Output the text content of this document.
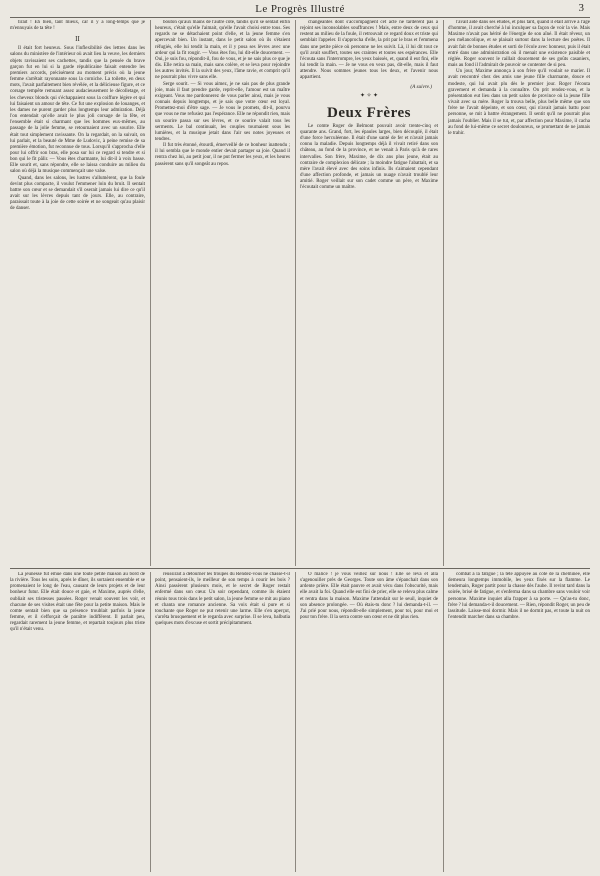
Le Progrès Illustré	3

tirait ! Eh bien, tant mieux, car il y a long-temps que je m'ennuyais de ta tête !

II

Il était fort heureux. Sous l'inflexibilité des lettres dans les salons du ministère de l'intérieur où avait lieu la veuve, les derniers objets ravissaient ses cachettes, tandis que la pensée du brave garçon fut en lui si la garde républicaine faisait entendre les premiers accords, précisément au moment précis où la jeune femme s'arrêtait rayonnante sous la corniche. La toilette, en deux mots, l'avait parfaitement bien révélée, et la délicieuse figure, et ce corsage tempête remuant assez audacieusement le décolletage, et les cheveux blonds qui s'échappaient sous la coiffure légère et qui lui faisaient un amour de tête. Ce fut une explosion de louanges, et les dames ne purent garder plus longtemps leur admiration. Déjà l'on entendait qu'elle avait le plus joli corsage de la fête, et l'ensemble était si charmant que les hommes eux-mêmes, au passage de la jolie femme, se retournaient avec un sourire. Elle était tout simplement ravissante. On la regardait, on la suivait, on lui parlait, et la beauté de Mme de Ludovic, à peine remise de sa première émotion, fut reconnue de tous. Lorsqu'il s'approcha d'elle pour lui offrir son bras, elle posa sur lui ce regard si tendre et si bon qui le fit pâlir. — Vous êtes charmante, lui dit-il à voix basse. Elle sourit et, sans répondre, elle se laissa conduire au milieu du salon où déjà la musique commençait une valse.

Quand, dans les salons, les lustres s'allumèrent, que la foule devint plus compacte, il voulut l'emmener loin du bruit. Il sentait battre son cœur et se demandait s'il oserait jamais lui dire ce qu'il avait sur les lèvres depuis tant de jours. Elle, au contraire, paraissait toute à la joie de cette soirée et ne songeait qu'au plaisir de danser.

bouton qu'aux mains de l'autre côté, tandis qu'il se sentait enfin heureux, c'était qu'elle l'aimait, qu'elle l'avait choisi entre tous. Ses regards ne se détachaient point d'elle, et la jeune femme s'en apercevait bien. Un instant, dans le petit salon où ils s'étaient réfugiés, elle lui tendit la main, et il y posa ses lèvres avec une ardeur qui la fit rougir. — Vous êtes fou, lui dit-elle doucement. — Oui, je suis fou, répondit-il, fou de vous, et je ne sais plus ce que je dis. Elle retira sa main, mais sans colère, et se leva pour rejoindre les autres invités. Il la suivit des yeux, l'âme ravie, et comprit qu'il ne pourrait plus vivre sans elle.

Serge sourit. — Si vous aimez, je ne sais pas de plus grande joie, mais il faut prendre garde, reprit-elle, l'amour est un maître exigeant. Vous me pardonnerez de vous parler ainsi, mais je vous connais depuis longtemps, et je sais que votre cœur est loyal. Promettez-moi d'être sage. — Je vous le promets, dit-il, pourvu que vous ne me refusiez pas l'espérance. Elle ne répondit rien, mais un sourire passa sur ses lèvres, et ce sourire valait tous les serments. Le bal continuait, les couples tournaient sous les lumières, et la musique jetait dans l'air ses notes joyeuses et tendres.

Il fut très étonné, étourdi, émerveillé de ce bonheur inattendu ; il lui sembla que le monde entier devait partager sa joie. Quand il rentra chez lui, au petit jour, il ne put fermer les yeux, et les heures passèrent sans qu'il songeât au repos.

changeantes dont s'accompagnent cet acte ne tardèrent pas à rejoint ses inconsolables souffrances ! Mais, entre deux de ceux qui restent au milieu de la foule, il retrouvait ce regard doux et triste qui semblait l'appeler. Il s'approcha d'elle, la prit par le bras et l'emmena dans une petite pièce où personne ne les suivit. Là, il lui dit tout ce qu'il avait souffert, toutes ses craintes et toutes ses espérances. Elle l'écouta sans l'interrompre, les yeux baissés, et, quand il eut fini, elle lui tendit la main. — Je ne vous en veux pas, dit-elle, mais il faut attendre. Nous sommes jeunes tous les deux, et l'avenir nous appartient.

(A suivre.)
✦ ✧ ✦
Deux Frères

Le comte Roger de Belmont pouvait avoir trente-cinq et quarante ans. Grand, fort, les épaules larges, bien découplé, il était d'une force herculéenne. Il était d'une santé de fer et n'avait jamais connu la maladie. Depuis longtemps déjà il vivait retiré dans son château, au fond de la province, et ne venait à Paris qu'à de rares intervalles. Son frère, Maxime, de dix ans plus jeune, était au contraire de complexion délicate ; la moindre fatigue l'abattait, et sa mère l'avait élevé avec des soins infinis. Ils s'aimaient cependant d'une affection profonde, et jamais un nuage n'avait troublé leur amitié. Roger veillait sur son cadet comme un père, et Maxime l'écoutait comme un maître.

l'avait aidé dans ses études, et plus tard, quand il était arrivé à l'âge d'homme, il avait cherché à lui inculquer sa façon de voir la vie. Mais Maxime n'avait pas hérité de l'énergie de son aîné. Il était rêveur, un peu mélancolique, et se plaisait surtout dans la lecture des poètes. Il avait fait de bonnes études et sorti de l'école avec honneur, puis il était entré dans une administration où il menait une existence paisible et réglée. Roger souvent le raillait doucement de ses goûts casaniers, mais au fond il l'admirait de pouvoir se contenter de si peu.

Un jour, Maxime annonça à son frère qu'il voulait se marier. Il avait rencontré chez des amis une jeune fille charmante, douce et modeste, qui lui avait plu dès le premier jour. Roger l'écouta gravement et demanda à la connaître. On prit rendez-vous, et la présentation eut lieu dans un petit salon de province où la jeune fille vivait avec sa mère. Roger la trouva belle, plus belle même que son frère ne l'avait dépeinte, et son cœur, qui n'avait jamais battu pour personne, se mit à battre étrangement. Il sentit qu'il ne pourrait plus jamais l'oublier. Mais il se tut, et, par affection pour Maxime, il cacha au fond de lui-même ce secret douloureux, se promettant de ne jamais le trahir.

La jeunesse fut émue dans une toute petite maison au bord de la rivière. Tous les soirs, après le dîner, ils sortaient ensemble et se promenaient le long de l'eau, causant de leurs projets et de leur bonheur futur. Elle était douce et gaie, et Maxime, auprès d'elle, oubliait ses tristesses passées. Roger venait souvent les voir, et chacune de ses visites était une fête pour la petite maison. Mais le comte sentait bien que sa présence troublait parfois la jeune femme, et il s'efforçait de paraître indifférent. Il parlait peu, regardait rarement la jeune femme, et repartait toujours plus triste qu'il n'était venu.

réussirait à détourner les troupes du Rendez-vous ne chasse-t-il point, pensaient-ils, le meilleur de son temps à courir les bois ? Ainsi passèrent plusieurs mois, et le secret de Roger restait enfermé dans son cœur. Un soir cependant, comme ils étaient réunis tous trois dans le petit salon, la jeune femme se mit au piano et chanta une romance ancienne. Sa voix était si pure et si touchante que Roger ne put retenir une larme. Elle s'en aperçut, s'arrêta brusquement et le regarda avec surprise. Il se leva, balbutia quelques mots d'excuse et sortit précipitamment.

O malice ! je vous veillez sur nous ! Elle se leva et alla s'agenouiller près de Georges. Toute son âme s'épanchait dans son ardente prière. Elle était pauvre et avait vécu dans l'obscurité, mais elle avait la foi. Quand elle eut fini de prier, elle se releva plus calme et rentra dans la maison. Maxime l'attendait sur le seuil, inquiet de son absence prolongée. — Où étais-tu donc ? lui demanda-t-il. — J'ai prié pour nous, répondit-elle simplement, pour toi, pour moi et pour ton frère. Il la serra contre son cœur et ne dit plus rien.

combat à la fatigue ; la tête appuyée au coté de la cheminée, elle demeura longtemps immobile, les yeux fixés sur la flamme. Le lendemain, Roger partit pour la chasse dès l'aube. Il revint tard dans la soirée, brisé de fatigue, et s'enferma dans sa chambre sans vouloir voir personne. Maxime inquiet alla frapper à sa porte. — Qu'as-tu donc, frère ? lui demanda-t-il doucement. — Rien, répondit Roger, un peu de lassitude. Laisse-moi dormir. Mais il ne dormit pas, et toute la nuit on l'entendit marcher dans sa chambre.
